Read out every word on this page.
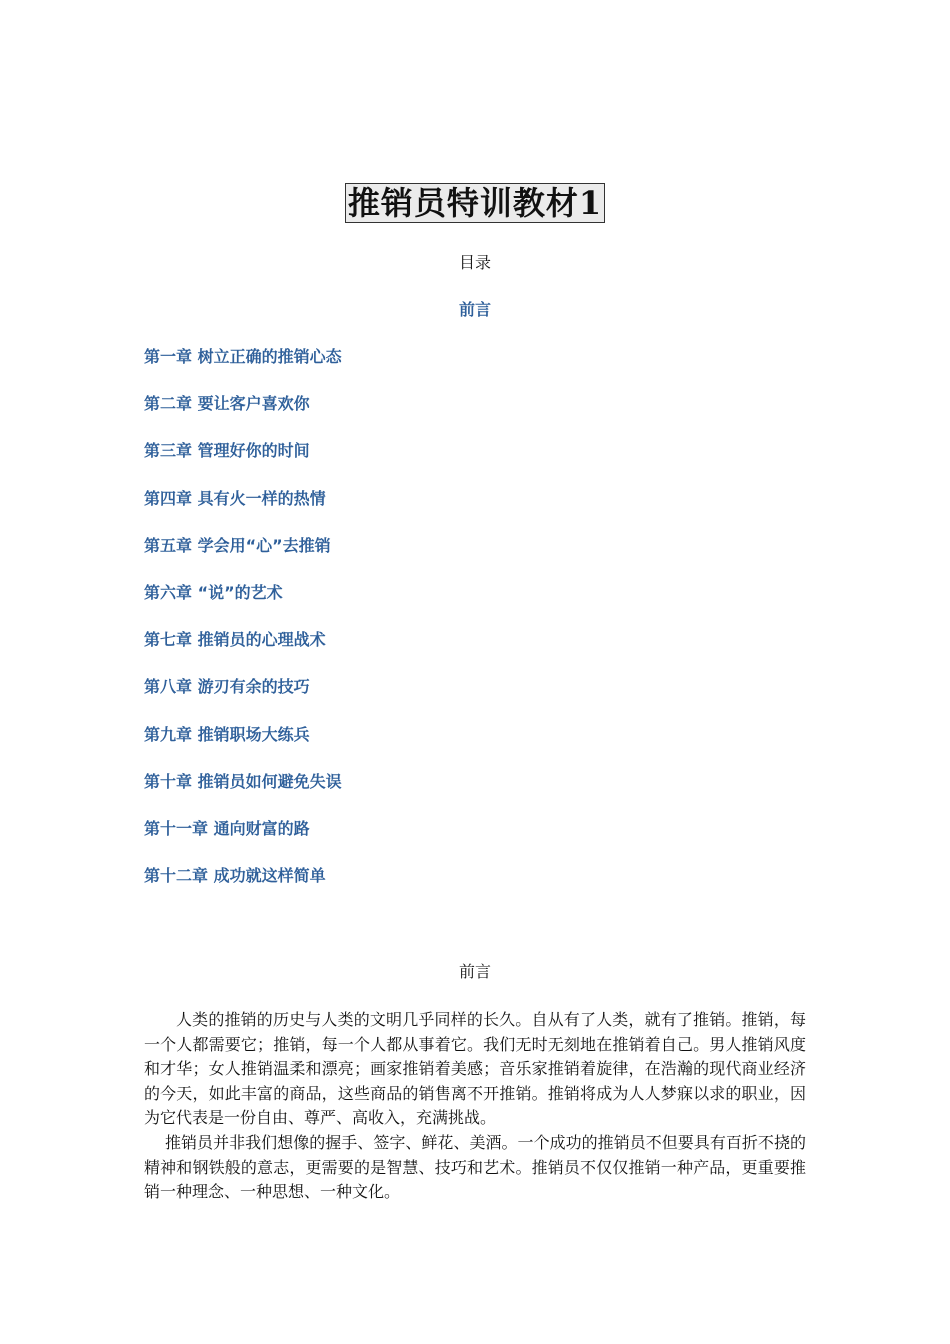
推销员特训教材1
目录
前言
第一章 树立正确的推销心态
第二章 要让客户喜欢你
第三章 管理好你的时间
第四章 具有火一样的热情
第五章 学会用“心”去推销
第六章 “说”的艺术
第七章 推销员的心理战术
第八章 游刃有余的技巧
第九章 推销职场大练兵
第十章 推销员如何避免失误
第十一章 通向财富的路
第十二章 成功就这样简单
前言

人类的推销的历史与人类的文明几乎同样的长久。自从有了人类，就有了推销。推销，每一个人都需要它；推销，每一个人都从事着它。我们无时无刻地在推销着自己。男人推销风度和才华；女人推销温柔和漂亮；画家推销着美感；音乐家推销着旋律，在浩瀚的现代商业经济的今天，如此丰富的商品，这些商品的销售离不开推销。推销将成为人人梦寐以求的职业，因为它代表是一份自由、尊严、高收入，充满挑战。

推销员并非我们想像的握手、签字、鲜花、美酒。一个成功的推销员不但要具有百折不挠的精神和钢铁般的意志，更需要的是智慧、技巧和艺术。推销员不仅仅推销一种产品，更重要推销一种理念、一种思想、一种文化。
